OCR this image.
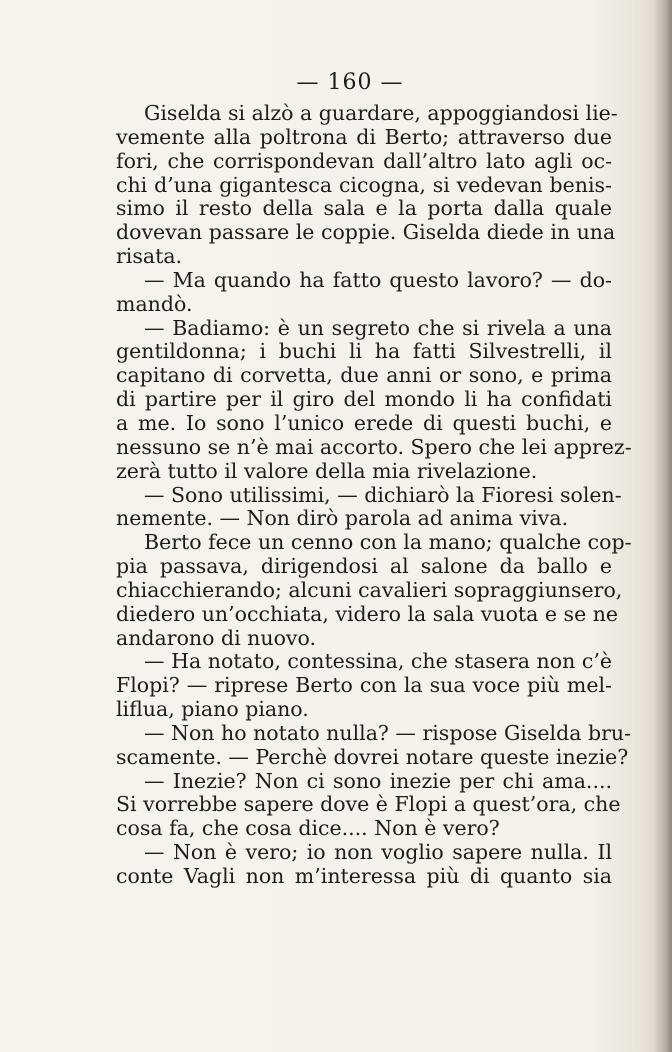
— 160 —
Giselda si alzò a guardare, appoggiandosi lie-
vemente alla poltrona di Berto; attraverso due
fori, che corrispondevan dall’altro lato agli oc-
chi d’una gigantesca cicogna, si vedevan benis-
simo il resto della sala e la porta dalla quale
dovevan passare le coppie. Giselda diede in una
risata.
— Ma quando ha fatto questo lavoro? — do-
mandò.
— Badiamo: è un segreto che si rivela a una
gentildonna; i buchi li ha fatti Silvestrelli, il
capitano di corvetta, due anni or sono, e prima
di partire per il giro del mondo li ha confidati
a me. Io sono l’unico erede di questi buchi, e
nessuno se n’è mai accorto. Spero che lei apprez-
zerà tutto il valore della mia rivelazione.
— Sono utilissimi, — dichiarò la Fioresi solen-
nemente. — Non dirò parola ad anima viva.
Berto fece un cenno con la mano; qualche cop-
pia passava, dirigendosi al salone da ballo e
chiacchierando; alcuni cavalieri sopraggiunsero,
diedero un’occhiata, videro la sala vuota e se ne
andarono di nuovo.
— Ha notato, contessina, che stasera non c’è
Flopi? — riprese Berto con la sua voce più mel-
liflua, piano piano.
— Non ho notato nulla? — rispose Giselda bru-
scamente. — Perchè dovrei notare queste inezie?
— Inezie? Non ci sono inezie per chi ama....
Si vorrebbe sapere dove è Flopi a quest’ora, che
cosa fa, che cosa dice.... Non è vero?
— Non è vero; io non voglio sapere nulla. Il
conte Vagli non m’interessa più di quanto sia
